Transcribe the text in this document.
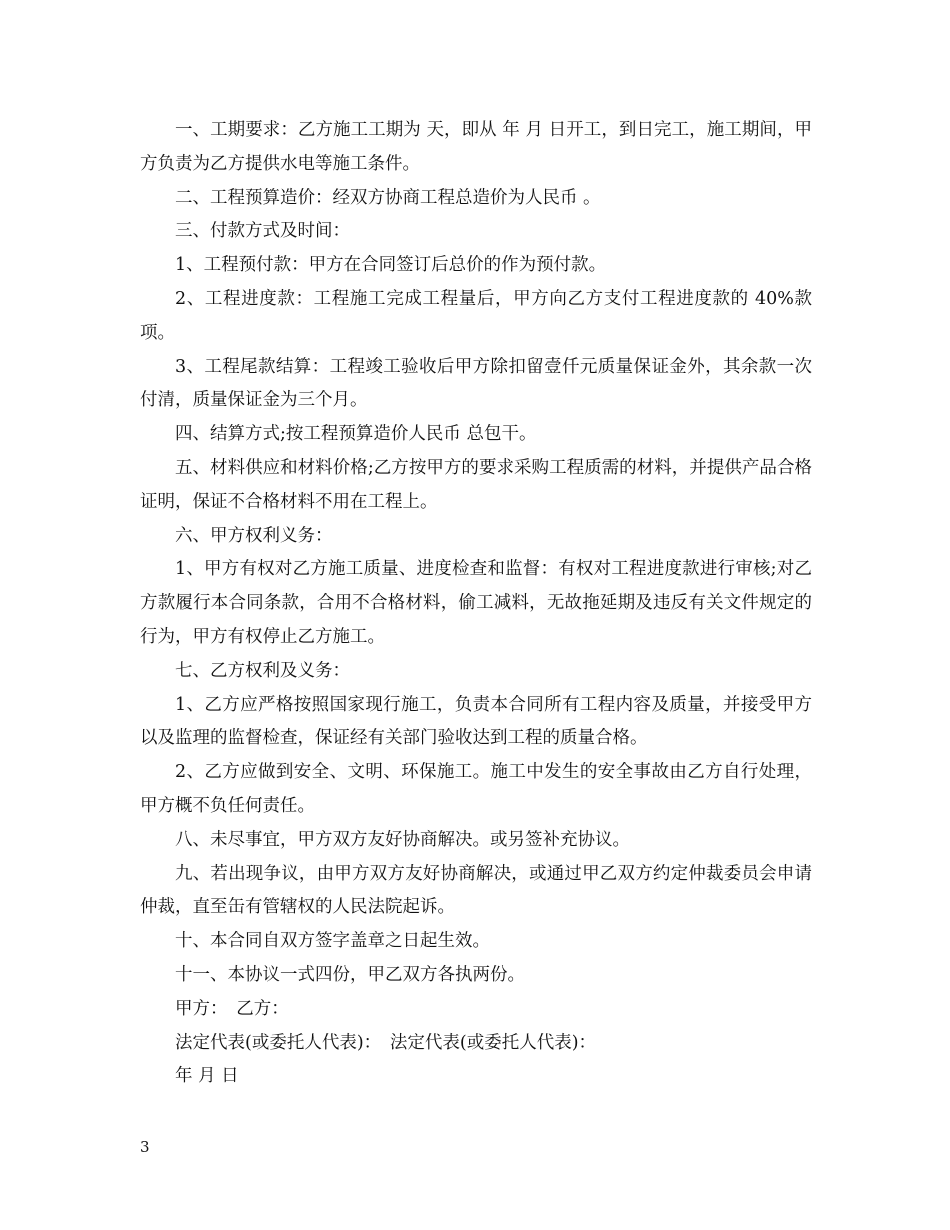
一、工期要求：乙方施工工期为 天，即从 年 月 日开工，到日完工，施工期间，甲方负责为乙方提供水电等施工条件。

二、工程预算造价：经双方协商工程总造价为人民币 。

三、付款方式及时间：

1、工程预付款：甲方在合同签订后总价的作为预付款。

2、工程进度款：工程施工完成工程量后，甲方向乙方支付工程进度款的 40%款项。

3、工程尾款结算：工程竣工验收后甲方除扣留壹仟元质量保证金外，其余款一次付清，质量保证金为三个月。

四、结算方式;按工程预算造价人民币 总包干。

五、材料供应和材料价格;乙方按甲方的要求采购工程质需的材料，并提供产品合格证明，保证不合格材料不用在工程上。

六、甲方权利义务：

1、甲方有权对乙方施工质量、进度检查和监督：有权对工程进度款进行审核;对乙方款履行本合同条款，合用不合格材料，偷工减料，无故拖延期及违反有关文件规定的行为，甲方有权停止乙方施工。

七、乙方权利及义务：

1、乙方应严格按照国家现行施工，负责本合同所有工程内容及质量，并接受甲方以及监理的监督检查，保证经有关部门验收达到工程的质量合格。

2、乙方应做到安全、文明、环保施工。施工中发生的安全事故由乙方自行处理，甲方概不负任何责任。

八、未尽事宜，甲方双方友好协商解决。或另签补充协议。

九、若出现争议，由甲方双方友好协商解决，或通过甲乙双方约定仲裁委员会申请仲裁，直至缶有管辖权的人民法院起诉。

十、本合同自双方签字盖章之日起生效。

十一、本协议一式四份，甲乙双方各执两份。

甲方：　乙方：

法定代表(或委托人代表)：　法定代表(或委托人代表)：

年 月 日

3
